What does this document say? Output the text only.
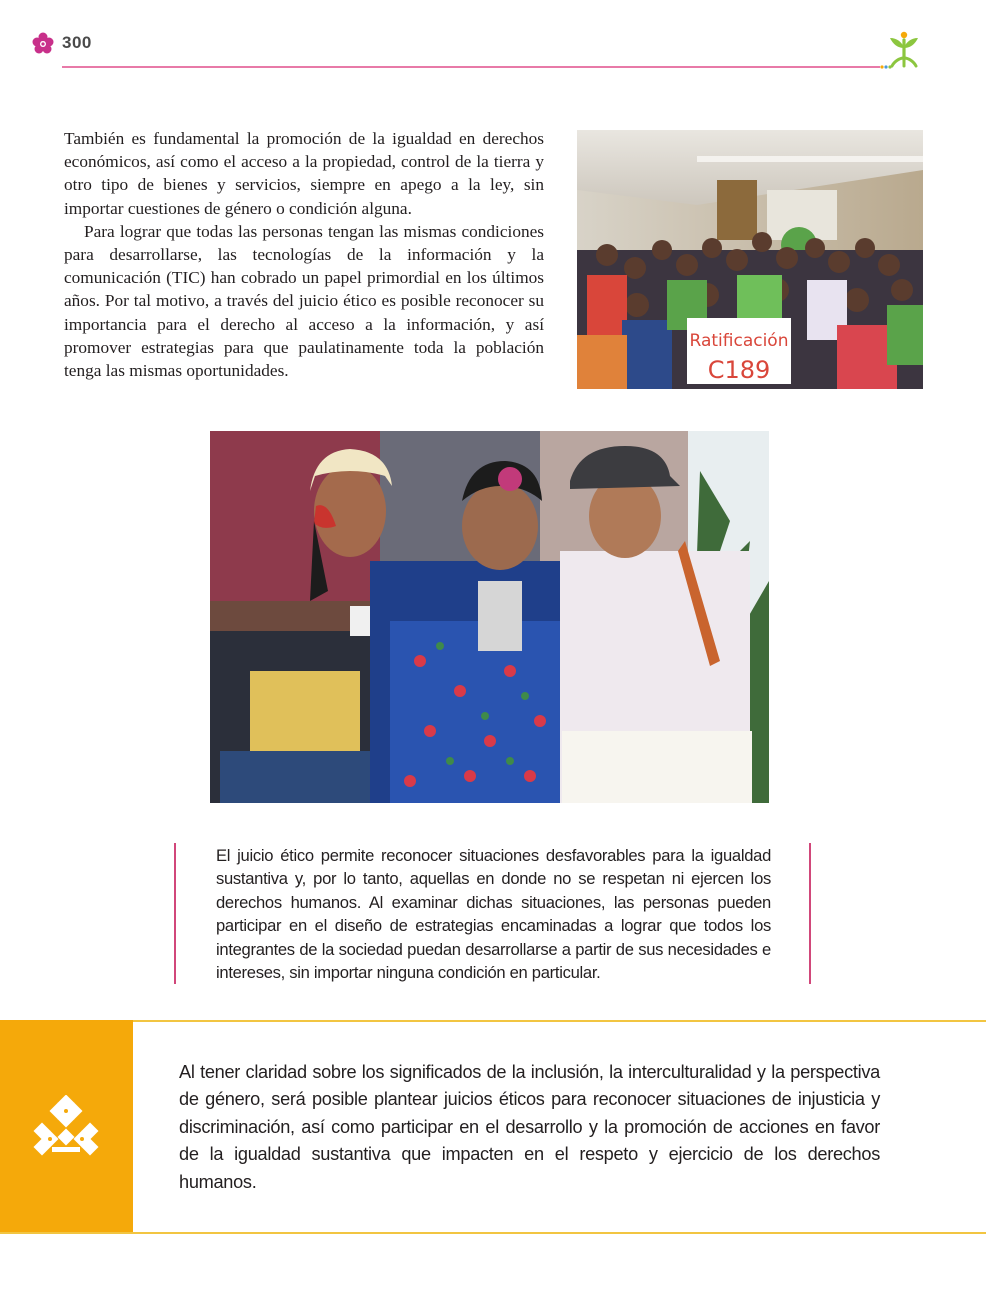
300

También es fundamental la promoción de la igualdad en derechos económicos, así como el acceso a la propiedad, control de la tierra y otro tipo de bienes y servicios, siempre en apego a la ley, sin importar cuestiones de género o condición alguna.

Para lograr que todas las personas tengan las mismas condiciones para desarrollarse, las tecnologías de la información y la comunicación (TIC) han cobrado un papel primordial en los últimos años. Por tal motivo, a través del juicio ético es posible reconocer su importancia para el derecho al acceso a la información, y así promover estrategias para que paulatinamente toda la población tenga las mismas oportunidades.

Ratificación
C189
El juicio ético permite reconocer situaciones desfavorables para la igualdad sustantiva y, por lo tanto, aquellas en donde no se respetan ni ejercen los derechos humanos. Al examinar dichas situaciones, las personas pueden participar en el diseño de estrategias encaminadas a lograr que todos los integrantes de la sociedad puedan desarrollarse a partir de sus necesidades e intereses, sin importar ninguna condición en particular.
Al tener claridad sobre los significados de la inclusión, la interculturalidad y la perspectiva de género, será posible plantear juicios éticos para reconocer situaciones de injusticia y discriminación, así como participar en el desarrollo y la promoción de acciones en favor de la igualdad sustantiva que impacten en el respeto y ejercicio de los derechos humanos.
